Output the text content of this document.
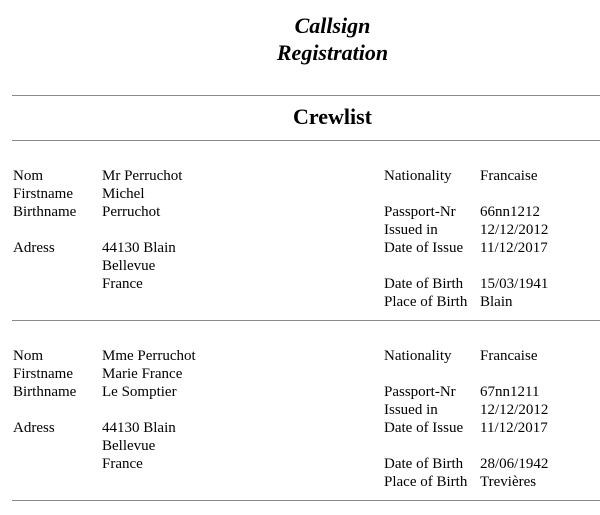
Callsign
Registration
Crewlist
Nom	Mr Perruchot
Firstname Michel
Birthname Perruchot
Adress	44130 Blain
Bellevue
France
Nationality Francaise
Passport-Nr 66nn1212
Issued in	12/12/2012
Date of Issue 11/12/2017
Date of Birth 15/03/1941
Place of Birth Blain
Nom	Mme Perruchot
Firstname Marie France
Birthname Le Somptier
Adress	44130 Blain
Bellevue
France
Nationality Francaise
Passport-Nr 67nn1211
Issued in	12/12/2012
Date of Issue 11/12/2017
Date of Birth 28/06/1942
Place of Birth Trevières
